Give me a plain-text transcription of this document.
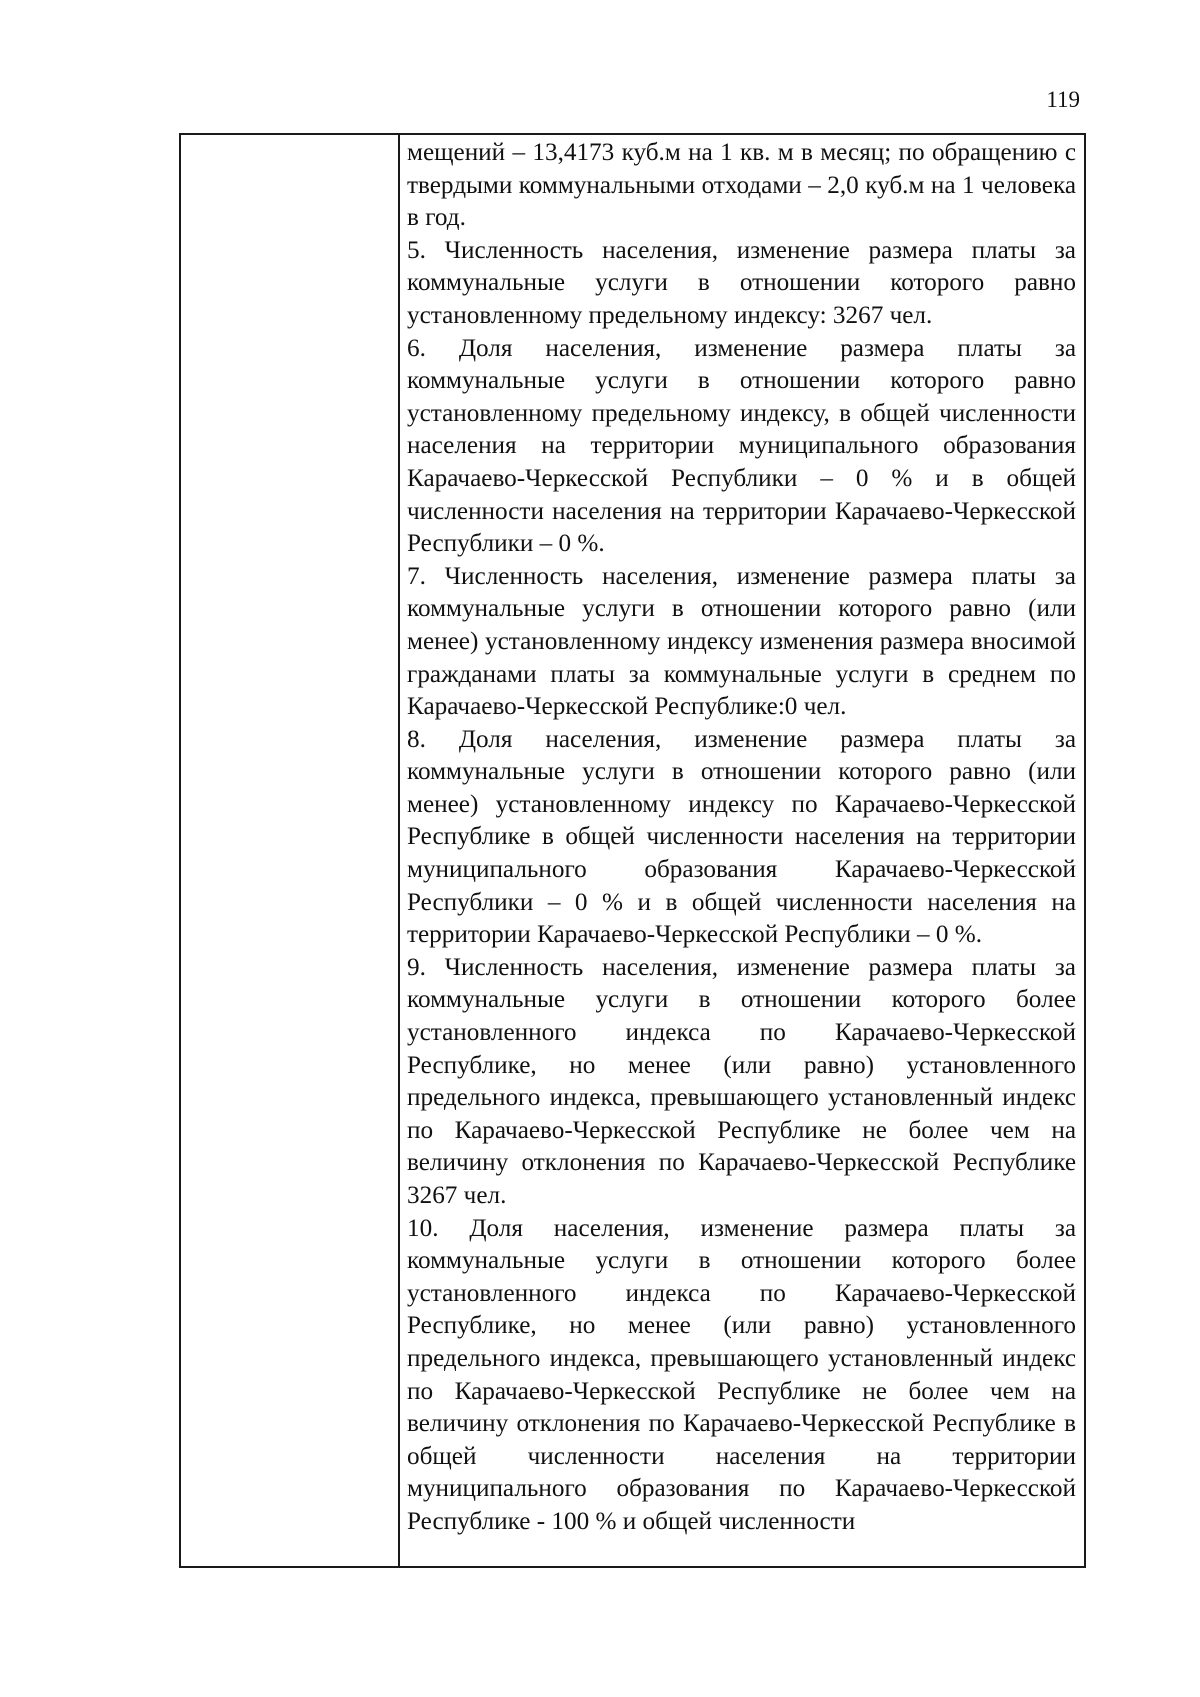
119

мещений – 13,4173 куб.м на 1 кв. м в месяц; по обращению с твердыми коммунальными отходами – 2,0 куб.м на 1 человека в год.

5. Численность населения, изменение размера платы за коммунальные услуги в отношении которого равно установленному предельному индексу: 3267 чел.

6. Доля населения, изменение размера платы за коммунальные услуги в отношении которого равно установленному предельному индексу, в общей численности населения на территории муниципального образования Карачаево-Черкесской Республики – 0 % и в общей численности населения на территории Карачаево-Черкесской Республики – 0 %.

7. Численность населения, изменение размера платы за коммунальные услуги в отношении которого равно (или менее) установленному индексу изменения размера вносимой гражданами платы за коммунальные услуги в среднем по Карачаево-Черкесской Республике:0 чел.

8. Доля населения, изменение размера платы за коммунальные услуги в отношении которого равно (или менее) установленному индексу по Карачаево-Черкесской Республике в общей численности населения на территории муниципального образования Карачаево-Черкесской Республики – 0 % и в общей численности населения на территории Карачаево-Черкесской Республики – 0 %.

9. Численность населения, изменение размера платы за коммунальные услуги в отношении которого более установленного индекса по Карачаево-Черкесской Республике, но менее (или равно) установленного предельного индекса, превышающего установленный индекс по Карачаево-Черкесской Республике не более чем на величину отклонения по Карачаево-Черкесской Республике 3267 чел.

10. Доля населения, изменение размера платы за коммунальные услуги в отношении которого более установленного индекса по Карачаево-Черкесской Республике, но менее (или равно) установленного предельного индекса, превышающего установленный индекс по Карачаево-Черкесской Республике не более чем на величину отклонения по Карачаево-Черкесской Республике в общей численности населения на территории муниципального образования по Карачаево-Черкесской Республике - 100 % и общей численности
